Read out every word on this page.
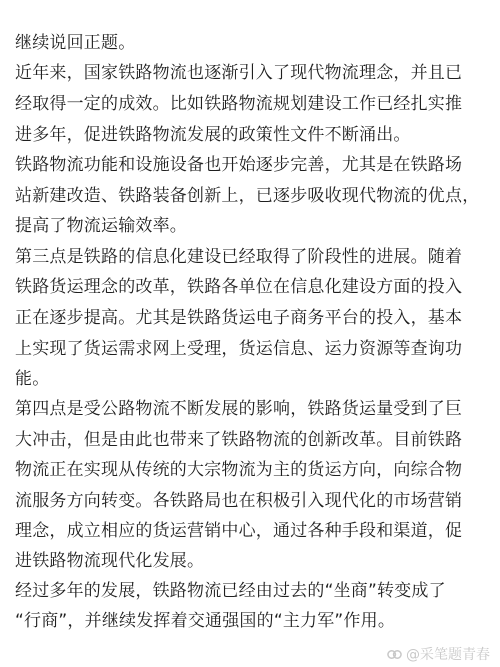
继续说回正题。
近年来，国家铁路物流也逐渐引入了现代物流理念，并且已
经取得一定的成效。比如铁路物流规划建设工作已经扎实推
进多年，促进铁路物流发展的政策性文件不断涌出。
铁路物流功能和设施设备也开始逐步完善，尤其是在铁路场
站新建改造、铁路装备创新上，已逐步吸收现代物流的优点，
提高了物流运输效率。
第三点是铁路的信息化建设已经取得了阶段性的进展。随着
铁路货运理念的改革，铁路各单位在信息化建设方面的投入
正在逐步提高。尤其是铁路货运电子商务平台的投入，基本
上实现了货运需求网上受理，货运信息、运力资源等查询功
能。
第四点是受公路物流不断发展的影响，铁路货运量受到了巨
大冲击，但是由此也带来了铁路物流的创新改革。目前铁路
物流正在实现从传统的大宗物流为主的货运方向，向综合物
流服务方向转变。各铁路局也在积极引入现代化的市场营销
理念，成立相应的货运营销中心，通过各种手段和渠道，促
进铁路物流现代化发展。
经过多年的发展，铁路物流已经由过去的“坐商”转变成了
“行商”，并继续发挥着交通强国的“主力军”作用。
@采笔题青春
